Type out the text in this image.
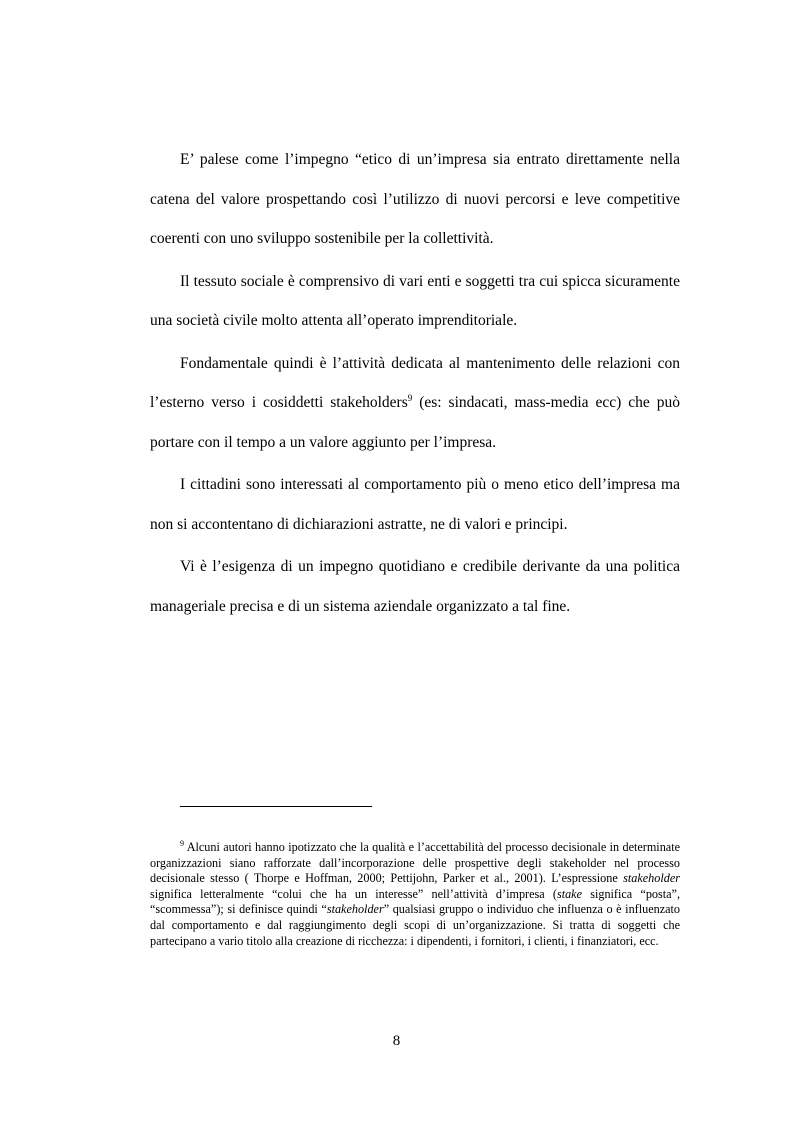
E’ palese come l’impegno “etico di un’impresa sia entrato direttamente nella catena del valore prospettando così l’utilizzo di nuovi percorsi e leve competitive coerenti con uno sviluppo sostenibile per la collettività.

Il tessuto sociale è comprensivo di vari enti e soggetti tra cui spicca sicuramente una società civile molto attenta all’operato imprenditoriale.

Fondamentale quindi è l’attività dedicata al mantenimento delle relazioni con l’esterno verso i cosiddetti stakeholders$^9$ (es: sindacati, mass-media ecc) che può portare con il tempo a un valore aggiunto per l’impresa.

I cittadini sono interessati al comportamento più o meno etico dell’impresa ma non si accontentano di dichiarazioni astratte, ne di valori e principi.

Vi è l’esigenza di un impegno quotidiano e credibile derivante da una politica manageriale precisa e di un sistema aziendale organizzato a tal fine.

$^9$ Alcuni autori hanno ipotizzato che la qualità e l’accettabilità del processo decisionale in determinate organizzazioni siano rafforzate dall’incorporazione delle prospettive degli stakeholder nel processo decisionale stesso ( Thorpe e Hoffman, 2000; Pettijohn, Parker et al., 2001). L’espressione stakeholder significa letteralmente “colui che ha un interesse” nell’attività d’impresa (stake significa “posta”, “scommessa”); si definisce quindi “stakeholder” qualsiasi gruppo o individuo che influenza o è influenzato dal comportamento e dal raggiungimento degli scopi di un’organizzazione. Si tratta di soggetti che partecipano a vario titolo alla creazione di ricchezza: i dipendenti, i fornitori, i clienti, i finanziatori, ecc.

8
